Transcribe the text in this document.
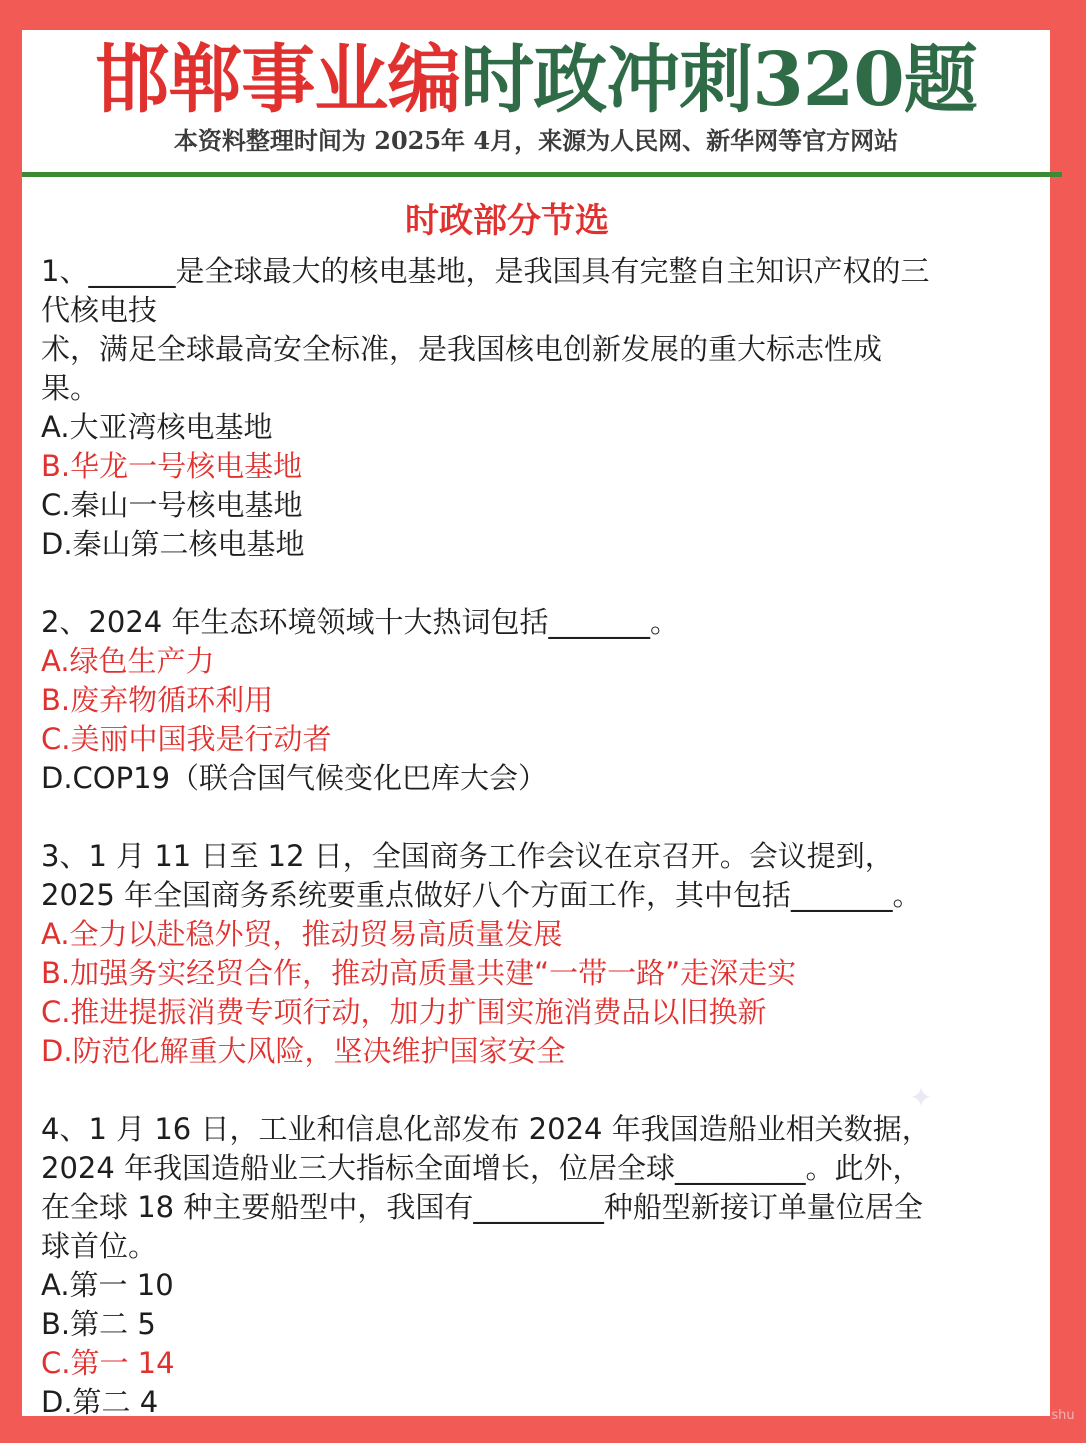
邯郸事业编时政冲刺320题
本资料整理时间为 2025年 4月，来源为人民网、新华网等官方网站
时政部分节选
1、______是全球最大的核电基地，是我国具有完整自主知识产权的三
代核电技
术，满足全球最高安全标准，是我国核电创新发展的重大标志性成
果。
A.大亚湾核电基地
B.华龙一号核电基地
C.秦山一号核电基地
D.秦山第二核电基地
2、2024 年生态环境领域十大热词包括_______。
A.绿色生产力
B.废弃物循环利用
C.美丽中国我是行动者
D.COP19（联合国气候变化巴库大会）
3、1 月 11 日至 12 日，全国商务工作会议在京召开。会议提到，
2025 年全国商务系统要重点做好八个方面工作，其中包括_______。
A.全力以赴稳外贸，推动贸易高质量发展
B.加强务实经贸合作，推动高质量共建“一带一路”走深走实
C.推进提振消费专项行动，加力扩围实施消费品以旧换新
D.防范化解重大风险，坚决维护国家安全
4、1 月 16 日，工业和信息化部发布 2024 年我国造船业相关数据，
2024 年我国造船业三大指标全面增长，位居全球_________。此外，
在全球 18 种主要船型中，我国有_________种船型新接订单量位居全
球首位。
A.第一 10
B.第二 5
C.第一 14
D.第二 4
✦
shu
